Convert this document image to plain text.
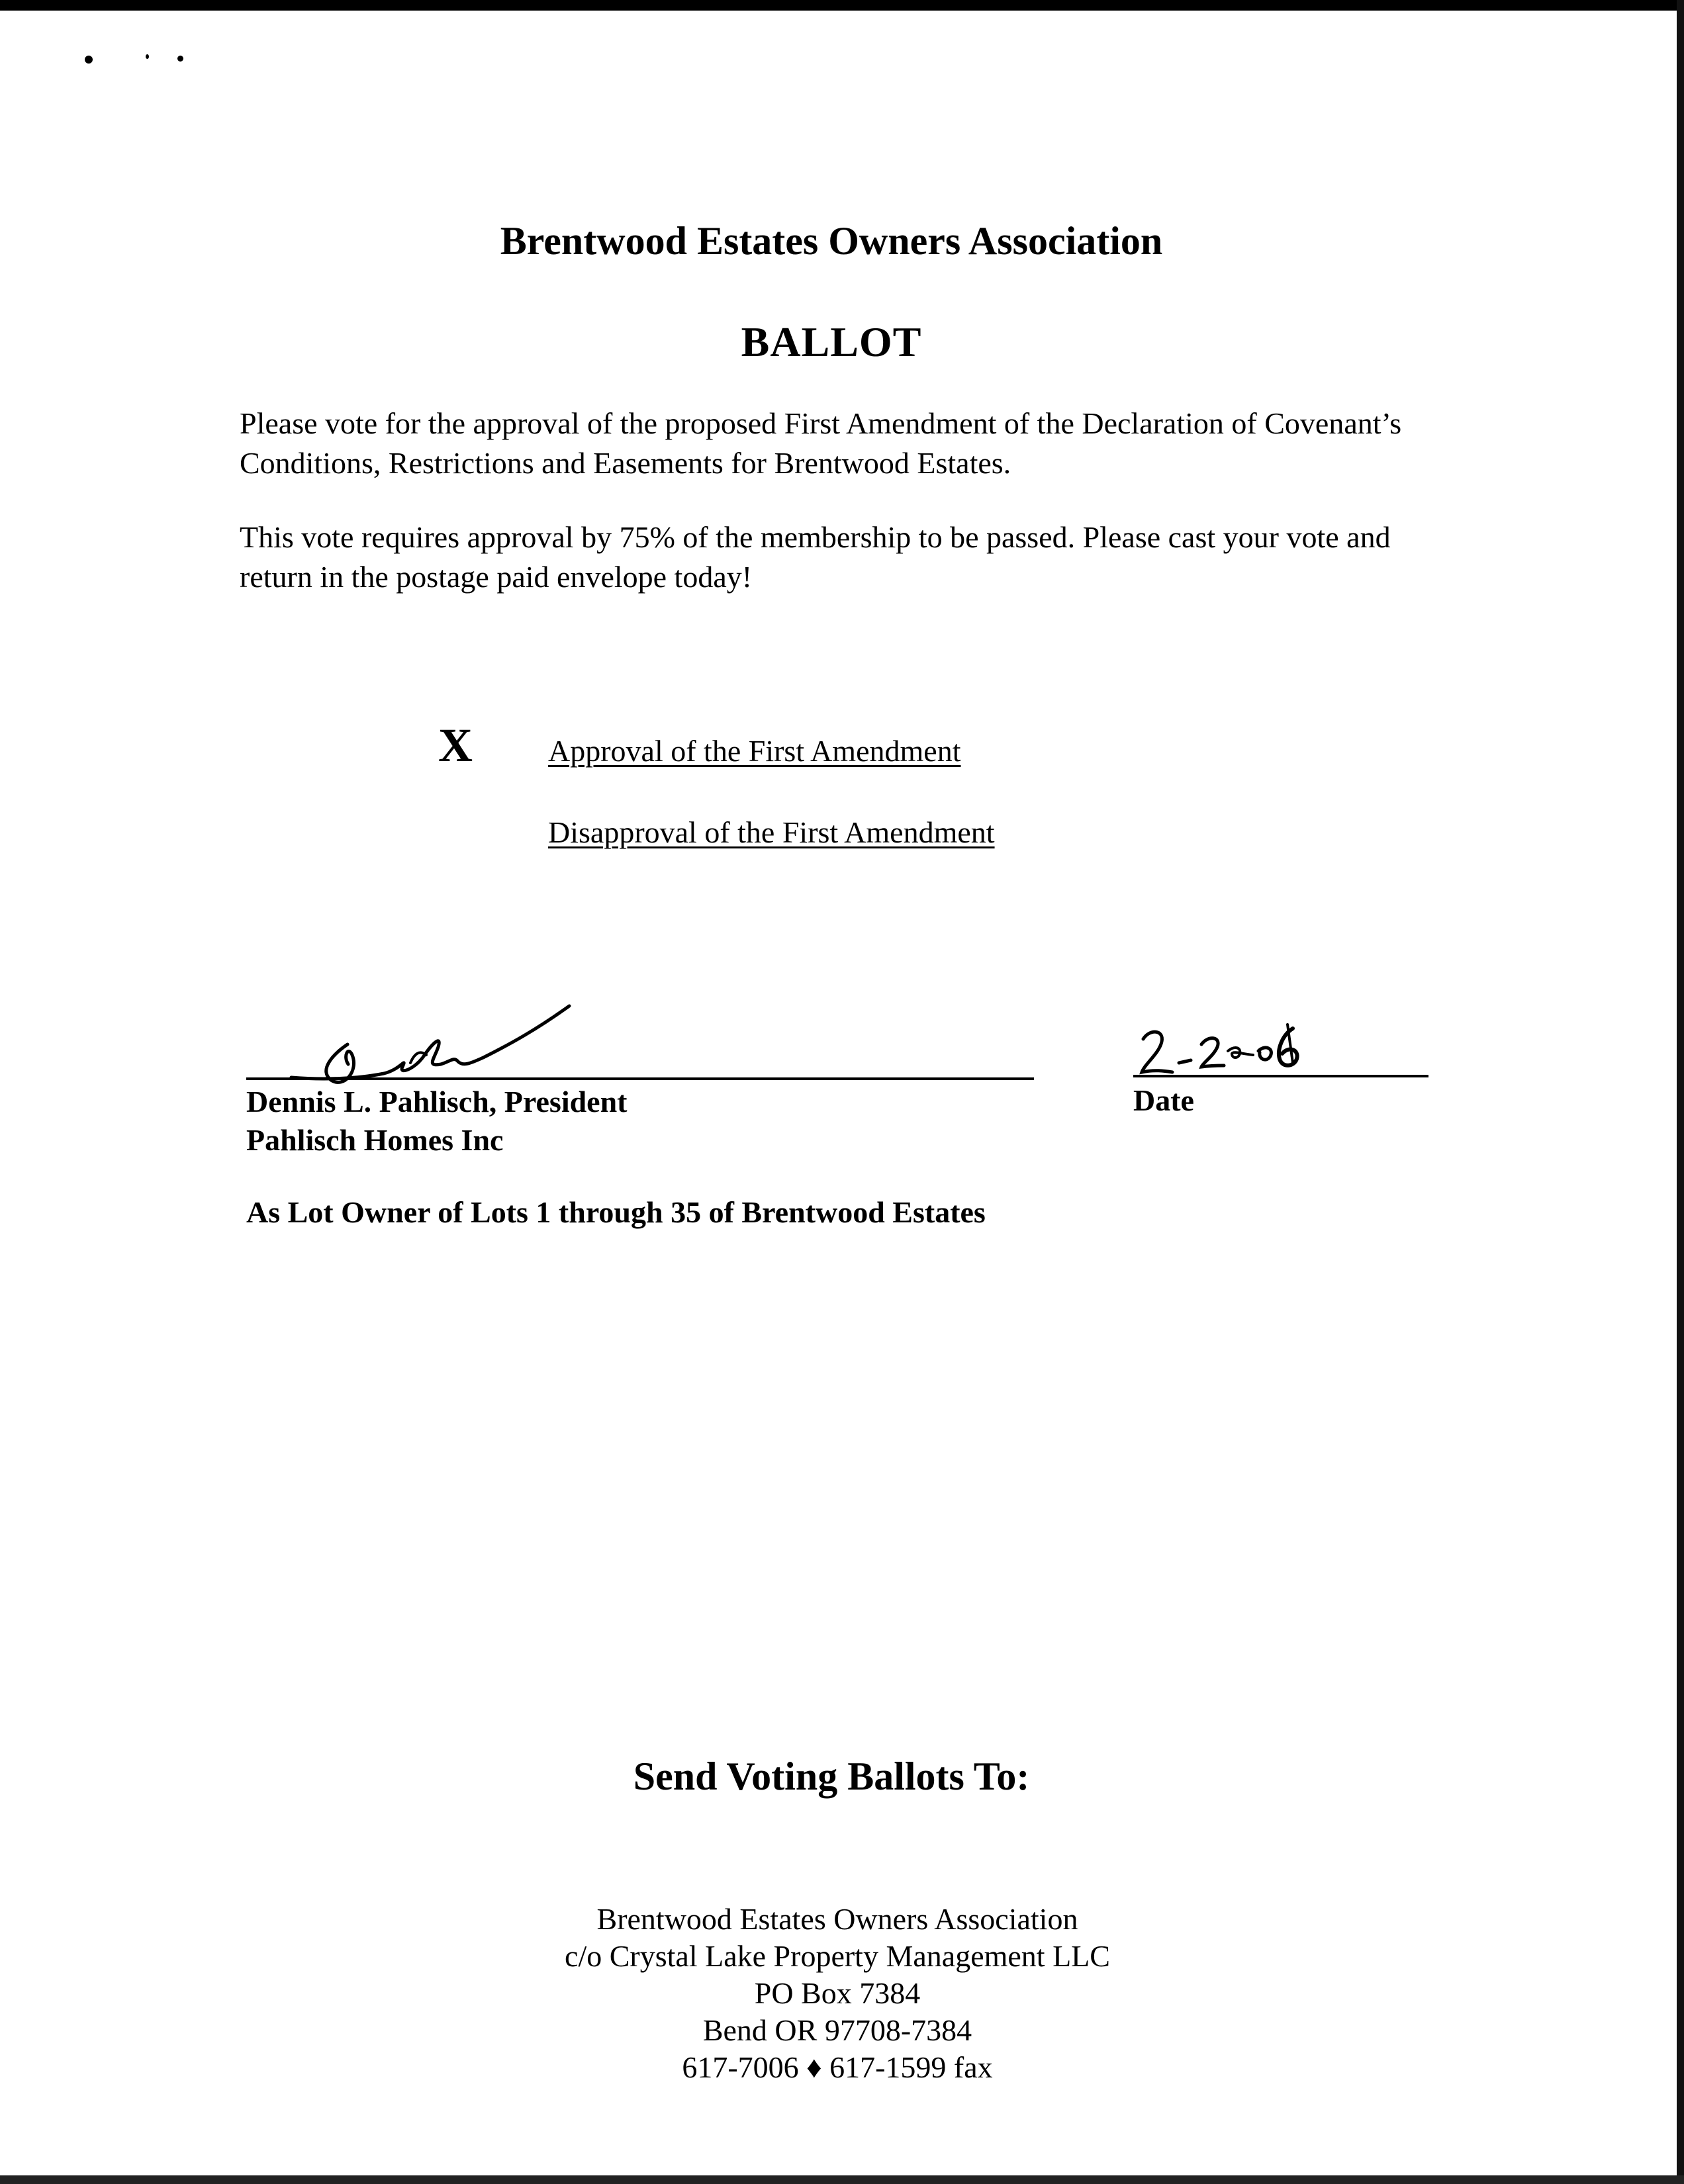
Brentwood Estates Owners Association
BALLOT
Please vote for the approval of the proposed First Amendment of the Declaration of Covenant’s Conditions, Restrictions and Easements for Brentwood Estates.
This vote requires approval by 75% of the membership to be passed. Please cast your vote and return in the postage paid envelope today!
X Approval of the First Amendment
Disapproval of the First Amendment
Dennis L. Pahlisch, President
Pahlisch Homes Inc
Date
As Lot Owner of Lots 1 through 35 of Brentwood Estates
Send Voting Ballots To:
Brentwood Estates Owners Association
c/o Crystal Lake Property Management LLC
PO Box 7384
Bend OR 97708-7384
617-7006 ♦ 617-1599 fax
